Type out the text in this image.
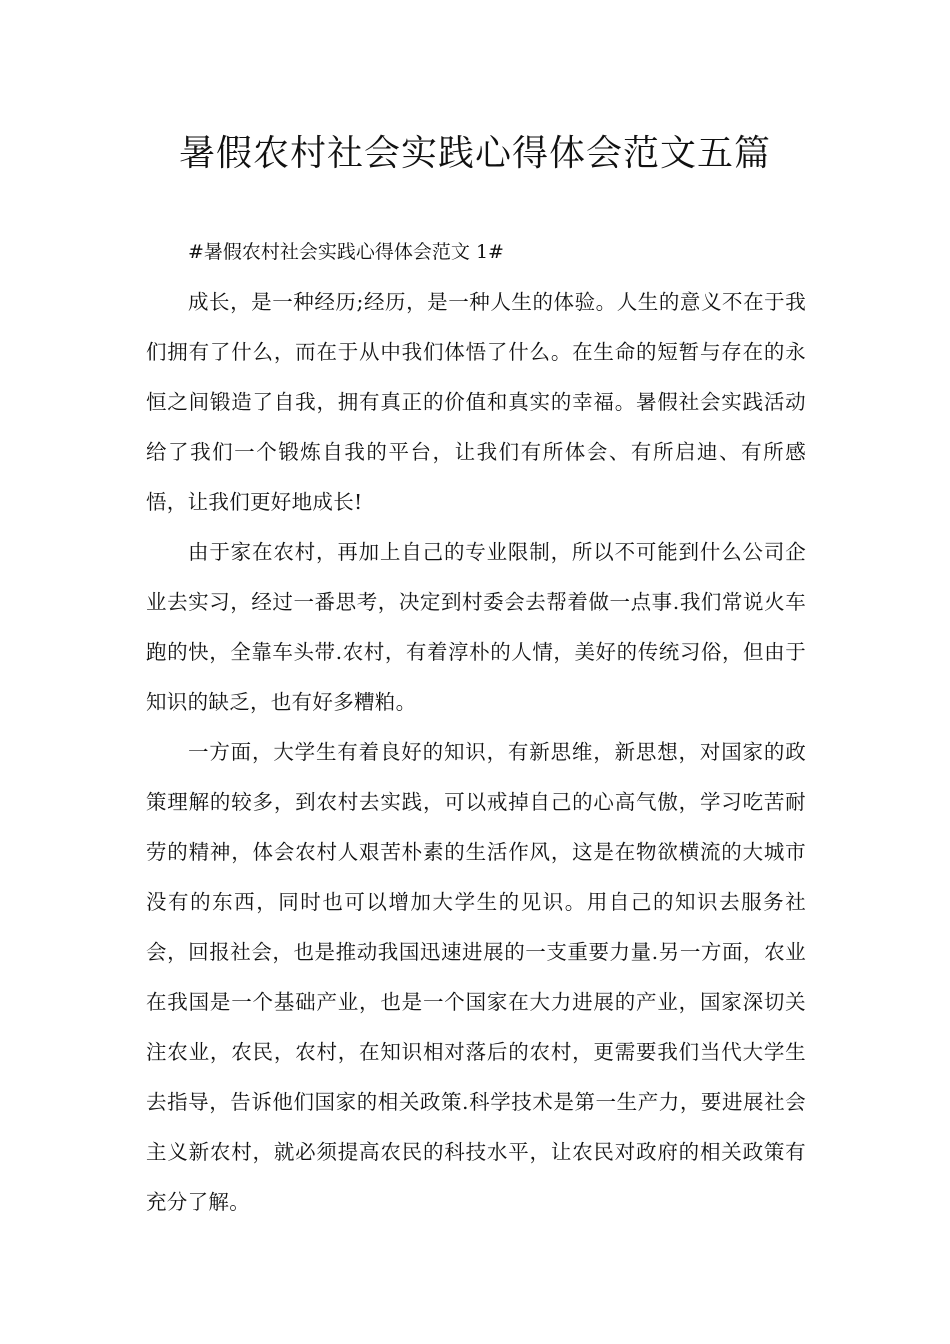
暑假农村社会实践心得体会范文五篇

#暑假农村社会实践心得体会范文 1#

成长，是一种经历;经历，是一种人生的体验。人生的意义不在于我们拥有了什么，而在于从中我们体悟了什么。在生命的短暂与存在的永恒之间锻造了自我，拥有真正的价值和真实的幸福。暑假社会实践活动给了我们一个锻炼自我的平台，让我们有所体会、有所启迪、有所感悟，让我们更好地成长!

由于家在农村，再加上自己的专业限制，所以不可能到什么公司企业去实习，经过一番思考，决定到村委会去帮着做一点事.我们常说火车跑的快，全靠车头带.农村，有着淳朴的人情，美好的传统习俗，但由于知识的缺乏，也有好多糟粕。

一方面，大学生有着良好的知识，有新思维，新思想，对国家的政策理解的较多，到农村去实践，可以戒掉自己的心高气傲，学习吃苦耐劳的精神，体会农村人艰苦朴素的生活作风，这是在物欲横流的大城市没有的东西，同时也可以增加大学生的见识。用自己的知识去服务社会，回报社会，也是推动我国迅速进展的一支重要力量.另一方面，农业在我国是一个基础产业，也是一个国家在大力进展的产业，国家深切关注农业，农民，农村，在知识相对落后的农村，更需要我们当代大学生去指导，告诉他们国家的相关政策.科学技术是第一生产力，要进展社会主义新农村，就必须提高农民的科技水平，让农民对政府的相关政策有充分了解。
